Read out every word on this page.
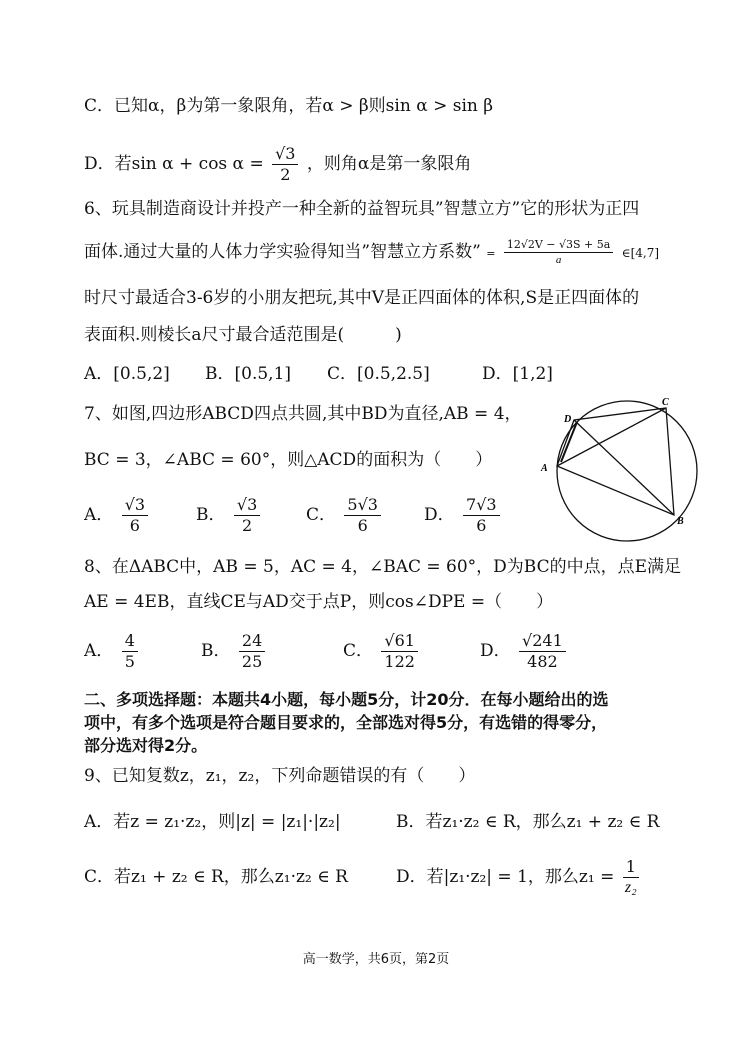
C．已知α，β为第一象限角，若α > β则sin α > sin β
D．若$\sin \alpha + \cos \alpha = \frac{√3}{2}$ ，则角α是第一象限角
6、玩具制造商设计并投产一种全新的益智玩具”智慧立方”它的形状为正四
面体.通过大量的人体力学实验得知当”智慧立方系数” = $\frac{12√2V - √3S + 5a}{a}$ ∈[4,7]
时尺寸最适合3-6岁的小朋友把玩,其中V是正四面体的体积,S是正四面体的
表面积.则棱长a尺寸最合适范围是(　　　)
A．[0.5,2] B．[0.5,1] C．[0.5,2.5]	D．[1,2]
7、如图,四边形ABCD四点共圆,其中BD为直径,AB = 4，
BC = 3，∠ABC = 60°，则△ACD的面积为（　　）
A． $\frac{√3}{6}$	B． $\frac{√3}{2}$	C． $\frac{5√3}{6}$	D． $\frac{7√3}{6}$
D
C
A
B
8、在ΔABC中，AB = 5，AC = 4，∠BAC = 60°，D为BC的中点，点E满足
AE = 4EB，直线CE与AD交于点P，则cos∠DPE =（　　）
A． $\frac{4}{5}$	B． $\frac{24}{25}$	C． $\frac{√61}{122}$	D． $\frac{√241}{482}$
二、多项选择题：本题共4小题，每小题5分，计20分．在每小题给出的选
项中，有多个选项是符合题目要求的，全部选对得5分，有选错的得零分，
部分选对得2分。
9、已知复数z，z₁，z₂，下列命题错误的有（　　）
A．若z = z₁·z₂，则|z| = |z₁|·|z₂|	B．若z₁·z₂ ∈ R，那么z₁ + z₂ ∈ R
C．若z₁ + z₂ ∈ R，那么z₁·z₂ ∈ R	D．若|z₁·z₂| = 1，那么$z_1 = \frac{1}{\text{z₂}}$
高一数学，共6页，第2页
